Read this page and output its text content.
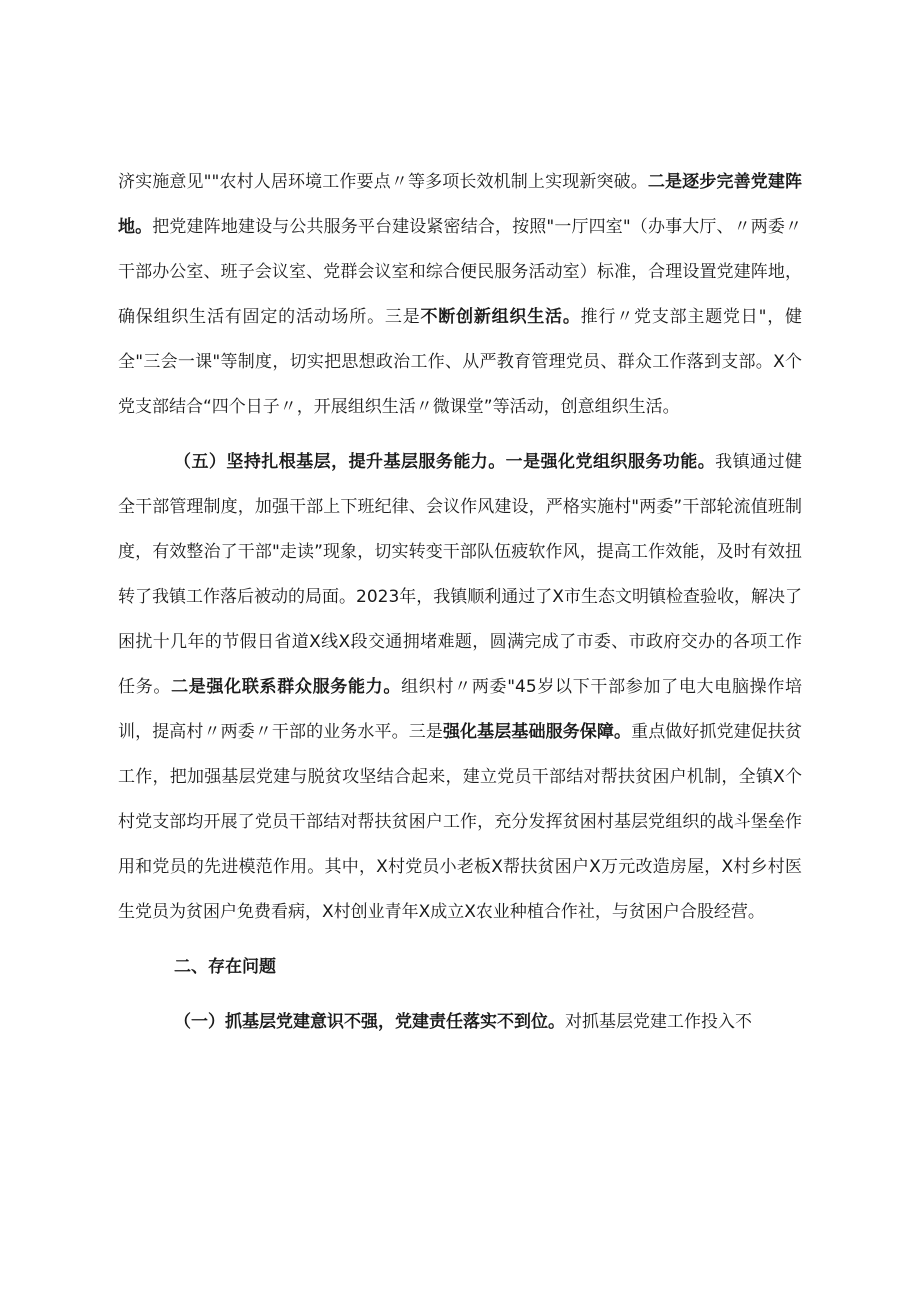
济实施意见""农村人居环境工作要点〃等多项长效机制上实现新突破。二是逐步完善党建阵地。把党建阵地建设与公共服务平台建设紧密结合，按照"一厅四室"（办事大厅、〃两委〃干部办公室、班子会议室、党群会议室和综合便民服务活动室）标准，合理设置党建阵地，确保组织生活有固定的活动场所。三是不断创新组织生活。推行〃党支部主题党日"，健全"三会一课"等制度，切实把思想政治工作、从严教育管理党员、群众工作落到支部。X个党支部结合“四个日子〃，开展组织生活〃微课堂”等活动，创意组织生活。

（五）坚持扎根基层，提升基层服务能力。一是强化党组织服务功能。我镇通过健全干部管理制度，加强干部上下班纪律、会议作风建设，严格实施村"两委”干部轮流值班制度，有效整治了干部"走读”现象，切实转变干部队伍疲软作风，提高工作效能，及时有效扭转了我镇工作落后被动的局面。2023年，我镇顺利通过了X市生态文明镇检查验收，解决了困扰十几年的节假日省道X线X段交通拥堵难题，圆满完成了市委、市政府交办的各项工作任务。二是强化联系群众服务能力。组织村〃两委"45岁以下干部参加了电大电脑操作培训，提高村〃两委〃干部的业务水平。三是强化基层基础服务保障。重点做好抓党建促扶贫工作，把加强基层党建与脱贫攻坚结合起来，建立党员干部结对帮扶贫困户机制，全镇X个村党支部均开展了党员干部结对帮扶贫困户工作，充分发挥贫困村基层党组织的战斗堡垒作用和党员的先进模范作用。其中，X村党员小老板X帮扶贫困户X万元改造房屋，X村乡村医生党员为贫困户免费看病，X村创业青年X成立X农业种植合作社，与贫困户合股经营。

二、存在问题

（一）抓基层党建意识不强，党建责任落实不到位。对抓基层党建工作投入不
